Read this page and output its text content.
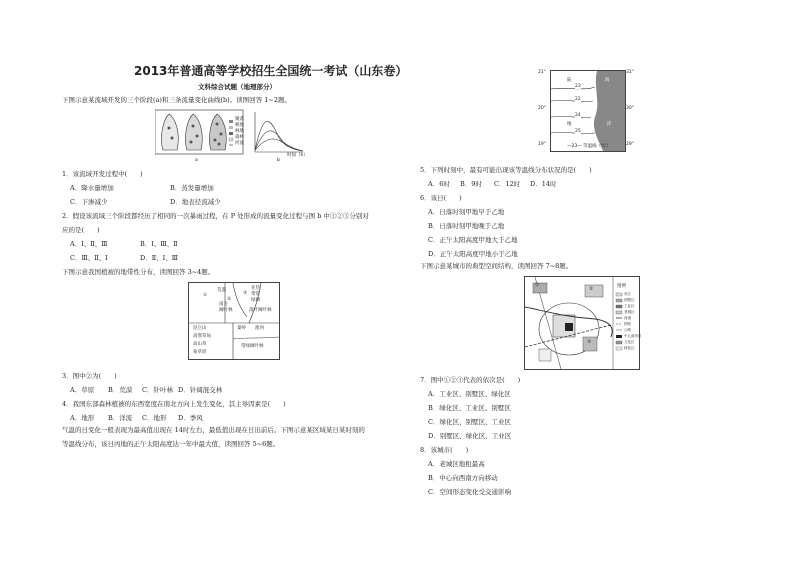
2013年普通高等学校招生全国统一考试（山东卷）
文科综合试题（地理部分）
下图示意某流域开发的三个阶段(a)和三条流量变化曲线(b)。读图回答 1~2题。
聚落
耕地
林地
森林
河流
a	b
时间（h）
1．该流域开发过程中(　　)
A．降水量增加	B．蒸发量增加
C．下渗减少	D．地表径流减少
2．假设该流域三个阶段都经历了相同的一次暴雨过程，在 P 处形成的流量变化过程与图 b 中①②③分别对
应的是(　　)
A．Ⅰ、Ⅱ、Ⅲ	B．Ⅰ、Ⅲ、Ⅱ
C．Ⅲ、Ⅱ、Ⅰ	D．Ⅱ、Ⅰ、Ⅲ
下图示意我国植被的地带性分布，读图回答 3~4题。
①
②
③
荒漠
高寒草甸
高山草
甸草原
昆仑山	秦岭 淮河
落叶阔叶林
常绿阔叶林
南方
阔叶林
亚热
带常
绿阔
3．图中②为(　　)
A．草原 B．荒漠 C．针叶林 D．针阔混交林
4．我国东部森林植被的东西宽度在南北方向上发生变化，其主导因素是(　　)
A．地形 B．洋流 C．地形 D．季风
气温的日变化一般表现为最高值出现在 14时左右，最低值出现在日出前后。下图示意某区域某日某时刻的
等温线分布，该日丙地的正午太阳高度达一年中最大值，读图回答 5~6题。
陆	海
地	洋
23
22
24
25
—23— 等温线（℃）
21°
20°
19°
31°
30°
29°
5．下列时刻中，最有可能出现该等温线分布状况的是(　　)
A．6时 B．9时 C．12时 D．14时
6．该日(　　)
A．日落时刻甲地早于乙地
B．日落时刻甲地晚于乙地
C．正午太阳高度甲地大于乙地
D．正午太阳高度甲地小于乙地
下图示意某城市的典型空间结构，读图回答 7~8题。
图例
市区
别墅区
工业区
老城区
河流
铁路
公路
中心商务区
文化区
绿化区
①
②
③
7．图中①②③代表的依次是(　　)
A．工业区、别墅区、绿化区
B．绿化区、工业区、别墅区
C．绿化区、别墅区、工业区
D．别墅区、绿化区、工业区
8．该城市(　　)
A．老城区地租最高
B．中心向西南方向移动
C．空间形态变化受交通影响
